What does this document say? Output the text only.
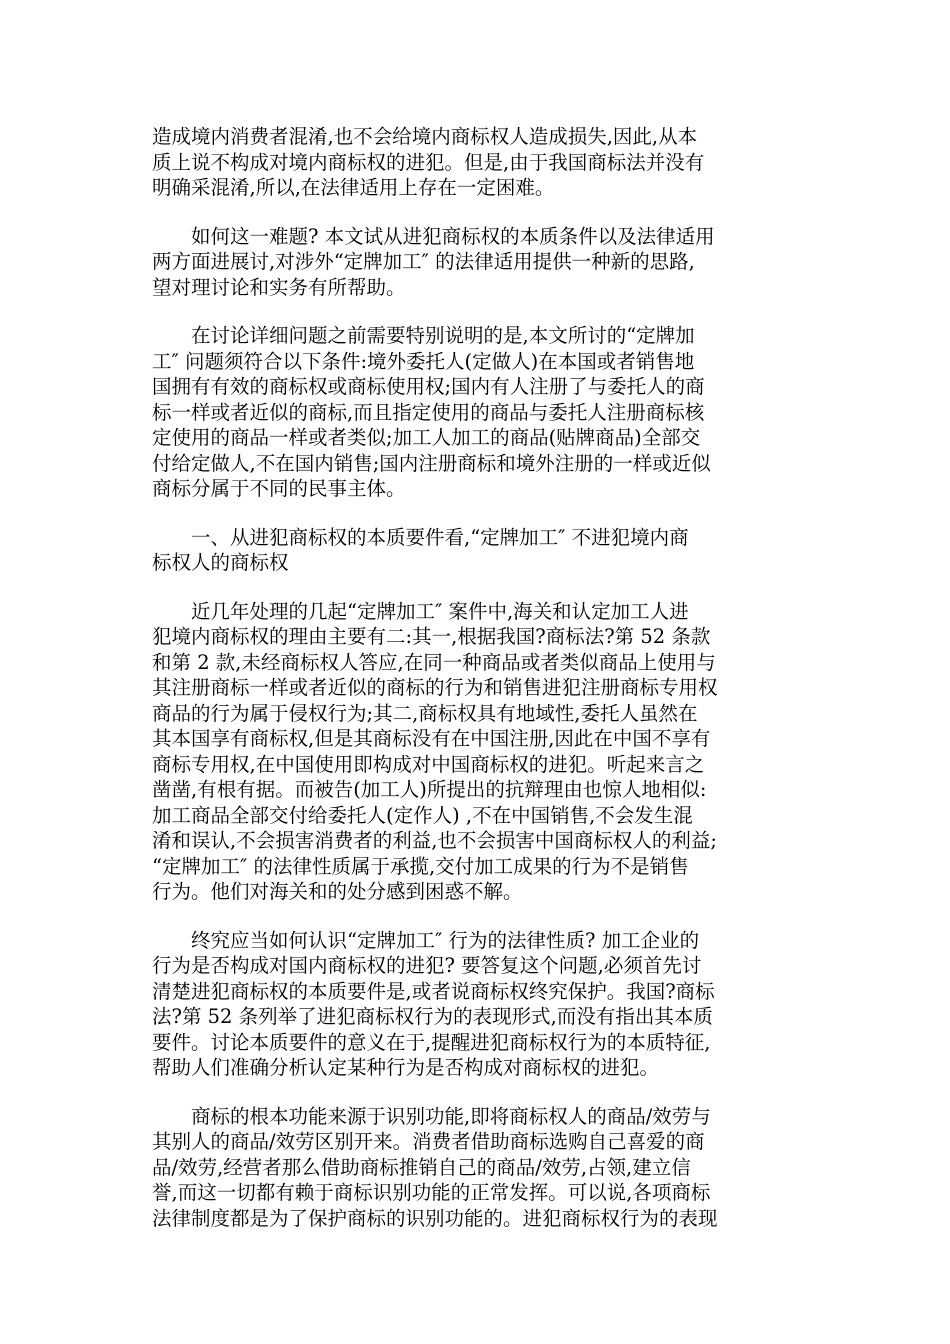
造成境内消费者混淆,也不会给境内商标权人造成损失,因此,从本
质上说不构成对境内商标权的进犯。但是,由于我国商标法并没有
明确采混淆,所以,在法律适用上存在一定困难。

　　如何这一难题? 本文试从进犯商标权的本质条件以及法律适用
两方面进展讨,对涉外“定牌加工″ 的法律适用提供一种新的思路,
望对理讨论和实务有所帮助。

　　在讨论详细问题之前需要特别说明的是,本文所讨的“定牌加
工″ 问题须符合以下条件:境外委托人(定做人)在本国或者销售地
国拥有有效的商标权或商标使用权;国内有人注册了与委托人的商
标一样或者近似的商标,而且指定使用的商品与委托人注册商标核
定使用的商品一样或者类似;加工人加工的商品(贴牌商品)全部交
付给定做人,不在国内销售;国内注册商标和境外注册的一样或近似
商标分属于不同的民事主体。

　　一、从进犯商标权的本质要件看,“定牌加工″ 不进犯境内商
标权人的商标权

　　近几年处理的几起“定牌加工″ 案件中,海关和认定加工人进
犯境内商标权的理由主要有二:其一,根据我国?商标法?第 52 条款
和第 2 款,未经商标权人答应,在同一种商品或者类似商品上使用与
其注册商标一样或者近似的商标的行为和销售进犯注册商标专用权
商品的行为属于侵权行为;其二,商标权具有地域性,委托人虽然在
其本国享有商标权,但是其商标没有在中国注册,因此在中国不享有
商标专用权,在中国使用即构成对中国商标权的进犯。听起来言之
凿凿,有根有据。而被告(加工人)所提出的抗辩理由也惊人地相似:
加工商品全部交付给委托人(定作人) ,不在中国销售,不会发生混
淆和误认,不会损害消费者的利益,也不会损害中国商标权人的利益;
“定牌加工″ 的法律性质属于承揽,交付加工成果的行为不是销售
行为。他们对海关和的处分感到困惑不解。

　　终究应当如何认识“定牌加工″ 行为的法律性质? 加工企业的
行为是否构成对国内商标权的进犯? 要答复这个问题,必须首先讨
清楚进犯商标权的本质要件是,或者说商标权终究保护。我国?商标
法?第 52 条列举了进犯商标权行为的表现形式,而没有指出其本质
要件。讨论本质要件的意义在于,提醒进犯商标权行为的本质特征,
帮助人们准确分析认定某种行为是否构成对商标权的进犯。

　　商标的根本功能来源于识别功能,即将商标权人的商品/效劳与
其别人的商品/效劳区别开来。消费者借助商标选购自己喜爱的商
品/效劳,经营者那么借助商标推销自己的商品/效劳,占领,建立信
誉,而这一切都有赖于商标识别功能的正常发挥。可以说,各项商标
法律制度都是为了保护商标的识别功能的。进犯商标权行为的表现
